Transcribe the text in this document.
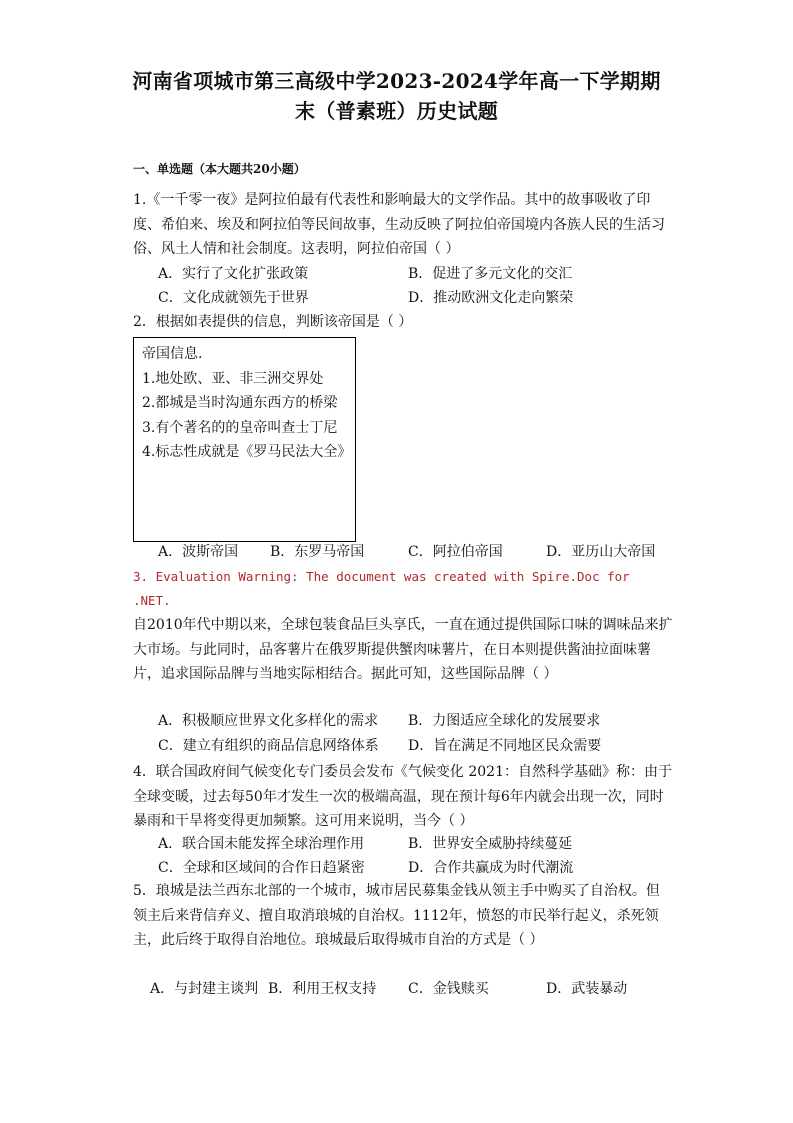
河南省项城市第三高级中学2023-2024学年高一下学期期
末（普素班）历史试题
一、单选题（本大题共20小题）
1.《一千零一夜》是阿拉伯最有代表性和影响最大的文学作品。其中的故事吸收了印度、希伯来、埃及和阿拉伯等民间故事，生动反映了阿拉伯帝国境内各族人民的生活习俗、风土人情和社会制度。这表明，阿拉伯帝国（ ）
A．实行了文化扩张政策	B．促进了多元文化的交汇
C．文化成就领先于世界	D．推动欧洲文化走向繁荣
2．根据如表提供的信息，判断该帝国是（ ）
帝国信息.
1.地处欧、亚、非三洲交界处
2.都城是当时沟通东西方的桥梁
3.有个著名的的皇帝叫查士丁尼
4.标志性成就是《罗马民法大全》
A．波斯帝国 B．东罗马帝国	C．阿拉伯帝国	D．亚历山大帝国
3. Evaluation Warning: The document was created with Spire.Doc for .NET.
自2010年代中期以来，全球包装食品巨头享氏，一直在通过提供国际口味的调味品来扩大市场。与此同时，品客薯片在俄罗斯提供蟹肉味薯片，在日本则提供酱油拉面味薯片，追求国际品牌与当地实际相结合。据此可知，这些国际品牌（ ）
A．积极顺应世界文化多样化的需求 B．力图适应全球化的发展要求
C．建立有组织的商品信息网络体系 D．旨在满足不同地区民众需要
4．联合国政府间气候变化专门委员会发布《气候变化 2021：自然科学基础》称：由于全球变暖，过去每50年才发生一次的极端高温，现在预计每6年内就会出现一次，同时暴雨和干旱将变得更加频繁。这可用来说明，当今（ ）
A．联合国未能发挥全球治理作用	B．世界安全威胁持续蔓延
C．全球和区域间的合作日趋紧密	D．合作共赢成为时代潮流
5．琅城是法兰西东北部的一个城市，城市居民募集金钱从领主手中购买了自治权。但领主后来背信弃义、擅自取消琅城的自治权。1112年，愤怒的市民举行起义，杀死领主，此后终于取得自治地位。琅城最后取得城市自治的方式是（ ）
A．与封建主谈判 B．利用王权支持 C．金钱赎买	D．武装暴动
